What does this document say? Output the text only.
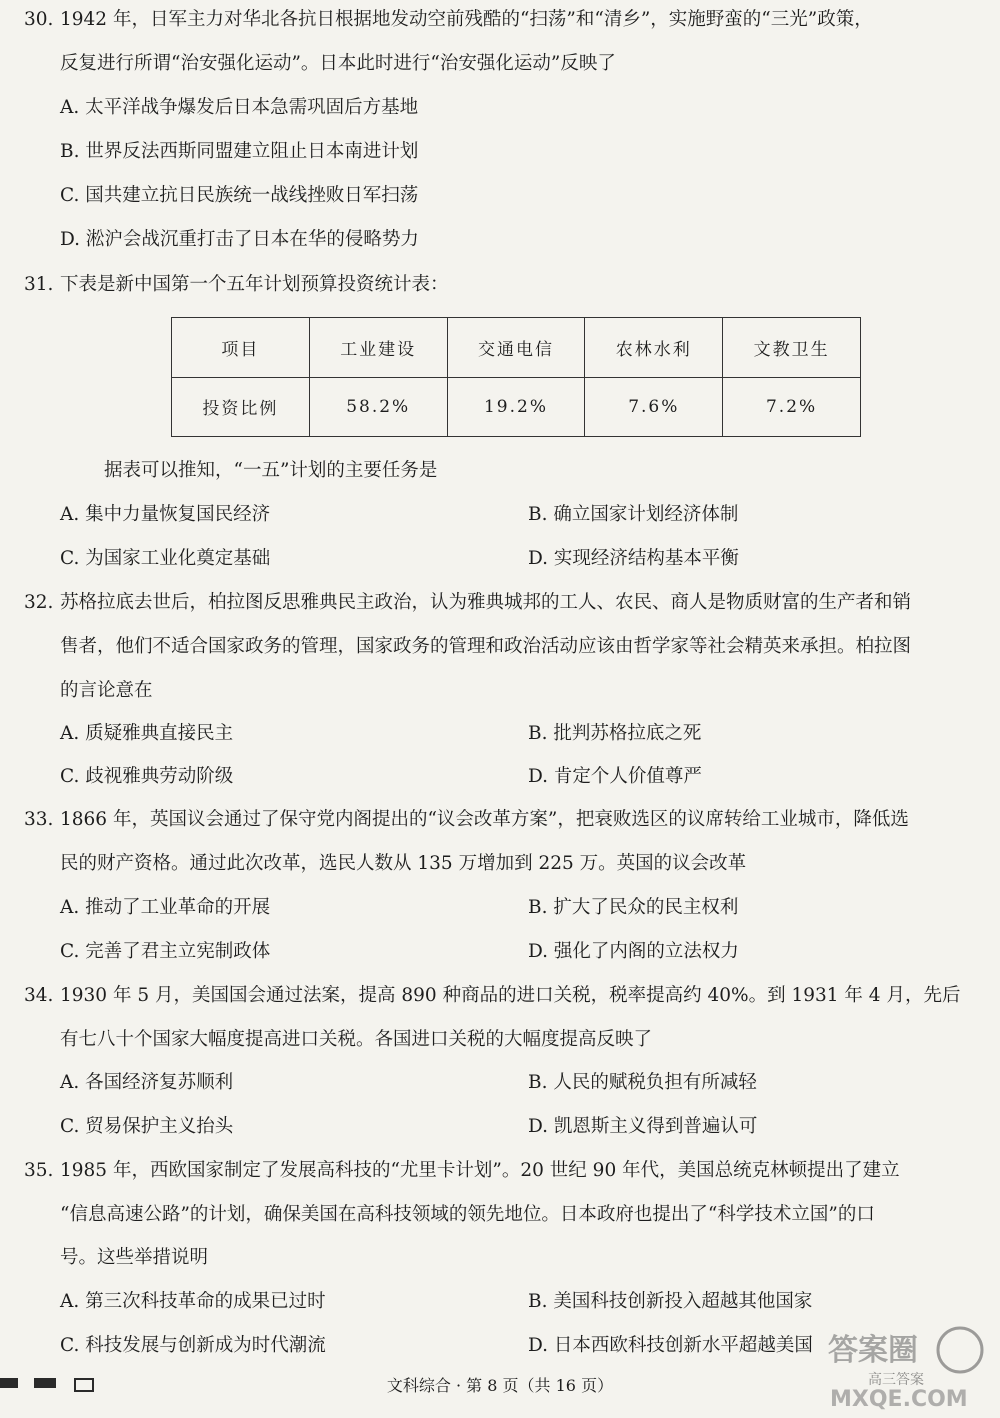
30. 1942 年，日军主力对华北各抗日根据地发动空前残酷的“扫荡”和“清乡”，实施野蛮的“三光”政策，
反复进行所谓“治安强化运动”。日本此时进行“治安强化运动”反映了
A. 太平洋战争爆发后日本急需巩固后方基地
B. 世界反法西斯同盟建立阻止日本南进计划
C. 国共建立抗日民族统一战线挫败日军扫荡
D. 淞沪会战沉重打击了日本在华的侵略势力
31. 下表是新中国第一个五年计划预算投资统计表：
项目	工业建设	交通电信	农林水利	文教卫生
投资比例	58.2%	19.2%	7.6%	7.2%
据表可以推知，“一五”计划的主要任务是
A. 集中力量恢复国民经济	B. 确立国家计划经济体制
C. 为国家工业化奠定基础	D. 实现经济结构基本平衡
32. 苏格拉底去世后，柏拉图反思雅典民主政治，认为雅典城邦的工人、农民、商人是物质财富的生产者和销
售者，他们不适合国家政务的管理，国家政务的管理和政治活动应该由哲学家等社会精英来承担。柏拉图
的言论意在
A. 质疑雅典直接民主	B. 批判苏格拉底之死
C. 歧视雅典劳动阶级	D. 肯定个人价值尊严
33. 1866 年，英国议会通过了保守党内阁提出的“议会改革方案”，把衰败选区的议席转给工业城市，降低选
民的财产资格。通过此次改革，选民人数从 135 万增加到 225 万。英国的议会改革
A. 推动了工业革命的开展	B. 扩大了民众的民主权利
C. 完善了君主立宪制政体	D. 强化了内阁的立法权力
34. 1930 年 5 月，美国国会通过法案，提高 890 种商品的进口关税，税率提高约 40%。到 1931 年 4 月，先后
有七八十个国家大幅度提高进口关税。各国进口关税的大幅度提高反映了
A. 各国经济复苏顺利	B. 人民的赋税负担有所减轻
C. 贸易保护主义抬头	D. 凯恩斯主义得到普遍认可
35. 1985 年，西欧国家制定了发展高科技的“尤里卡计划”。20 世纪 90 年代，美国总统克林顿提出了建立
“信息高速公路”的计划，确保美国在高科技领域的领先地位。日本政府也提出了“科学技术立国”的口
号。这些举措说明
A. 第三次科技革命的成果已过时	B. 美国科技创新投入超越其他国家
C. 科技发展与创新成为时代潮流	D. 日本西欧科技创新水平超越美国
文科综合 · 第 8 页（共 16 页）
答案圈
高三答案
MXQE.COM
